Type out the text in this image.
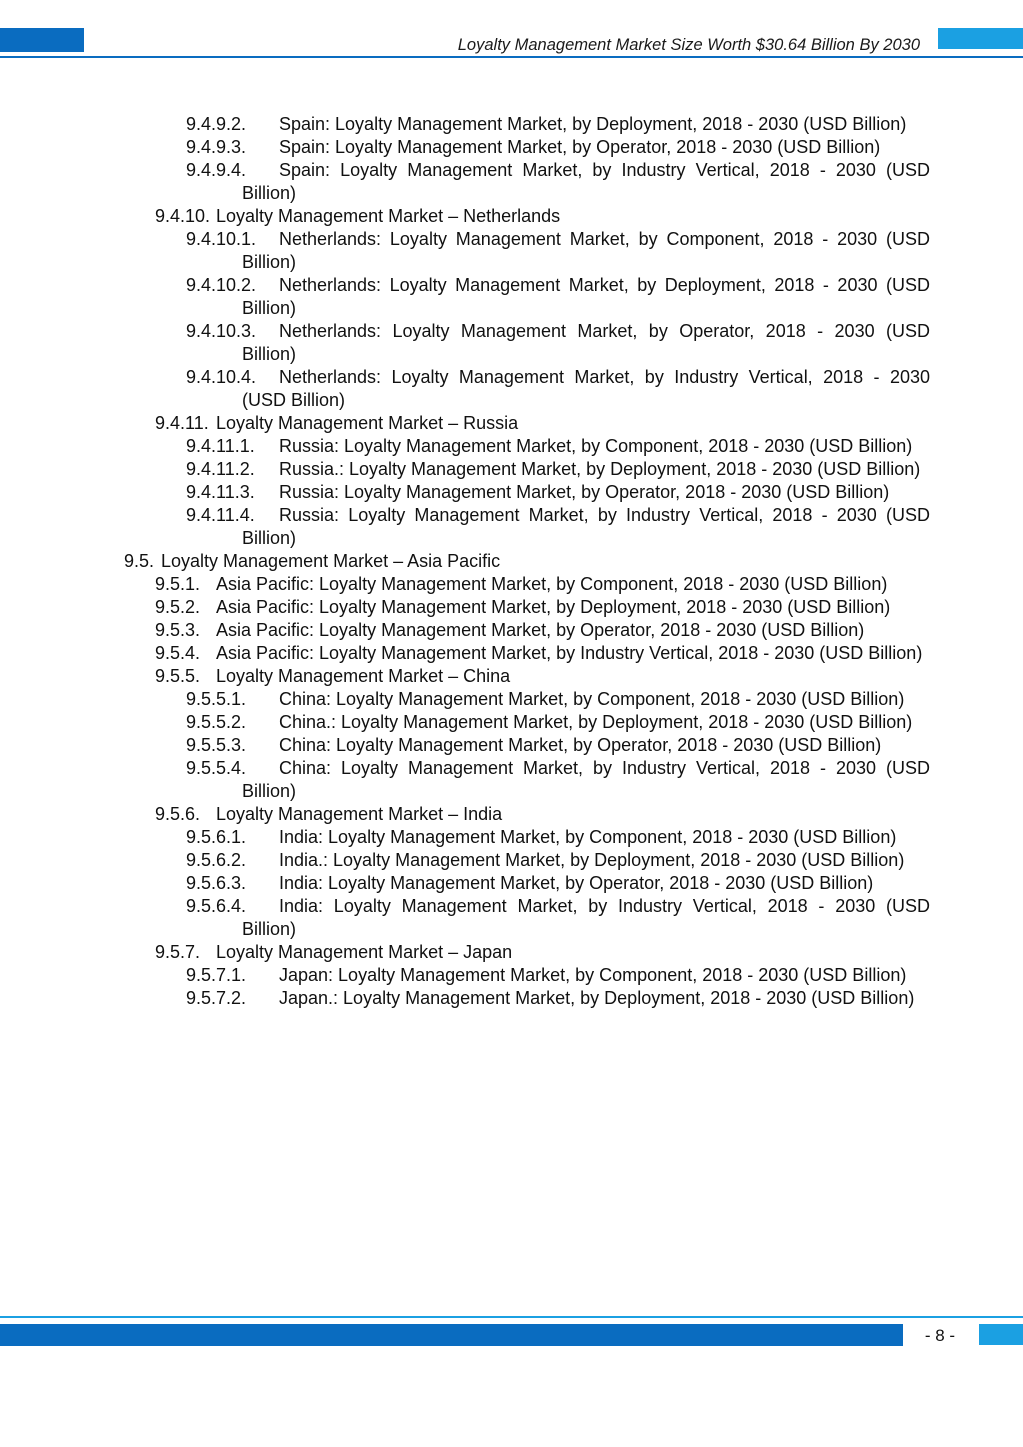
Loyalty Management Market Size Worth $30.64 Billion By 2030
9.4.9.2.	Spain: Loyalty Management Market, by Deployment, 2018 - 2030 (USD Billion)
9.4.9.3.	Spain: Loyalty Management Market, by Operator, 2018 - 2030 (USD Billion)
9.4.9.4.	Spain: Loyalty Management Market, by Industry Vertical, 2018 - 2030 (USD Billion)
9.4.10. Loyalty Management Market – Netherlands
9.4.10.1.	Netherlands: Loyalty Management Market, by Component, 2018 - 2030 (USD Billion)
9.4.10.2.	Netherlands: Loyalty Management Market, by Deployment, 2018 - 2030 (USD Billion)
9.4.10.3.	Netherlands: Loyalty Management Market, by Operator, 2018 - 2030 (USD Billion)
9.4.10.4.	Netherlands: Loyalty Management Market, by Industry Vertical, 2018 - 2030 (USD Billion)
9.4.11. Loyalty Management Market – Russia
9.4.11.1.	Russia: Loyalty Management Market, by Component, 2018 - 2030 (USD Billion)
9.4.11.2.	Russia.: Loyalty Management Market, by Deployment, 2018 - 2030 (USD Billion)
9.4.11.3.	Russia: Loyalty Management Market, by Operator, 2018 - 2030 (USD Billion)
9.4.11.4.	Russia: Loyalty Management Market, by Industry Vertical, 2018 - 2030 (USD Billion)
9.5. Loyalty Management Market – Asia Pacific
9.5.1. Asia Pacific: Loyalty Management Market, by Component, 2018 - 2030 (USD Billion)
9.5.2. Asia Pacific: Loyalty Management Market, by Deployment, 2018 - 2030 (USD Billion)
9.5.3. Asia Pacific: Loyalty Management Market, by Operator, 2018 - 2030 (USD Billion)
9.5.4. Asia Pacific: Loyalty Management Market, by Industry Vertical, 2018 - 2030 (USD Billion)
9.5.5. Loyalty Management Market – China
9.5.5.1.	China: Loyalty Management Market, by Component, 2018 - 2030 (USD Billion)
9.5.5.2.	China.: Loyalty Management Market, by Deployment, 2018 - 2030 (USD Billion)
9.5.5.3.	China: Loyalty Management Market, by Operator, 2018 - 2030 (USD Billion)
9.5.5.4.	China: Loyalty Management Market, by Industry Vertical, 2018 - 2030 (USD Billion)
9.5.6. Loyalty Management Market – India
9.5.6.1.	India: Loyalty Management Market, by Component, 2018 - 2030 (USD Billion)
9.5.6.2.	India.: Loyalty Management Market, by Deployment, 2018 - 2030 (USD Billion)
9.5.6.3.	India: Loyalty Management Market, by Operator, 2018 - 2030 (USD Billion)
9.5.6.4.	India: Loyalty Management Market, by Industry Vertical, 2018 - 2030 (USD Billion)
9.5.7. Loyalty Management Market – Japan
9.5.7.1.	Japan: Loyalty Management Market, by Component, 2018 - 2030 (USD Billion)
9.5.7.2.	Japan.: Loyalty Management Market, by Deployment, 2018 - 2030 (USD Billion)
- 8 -
